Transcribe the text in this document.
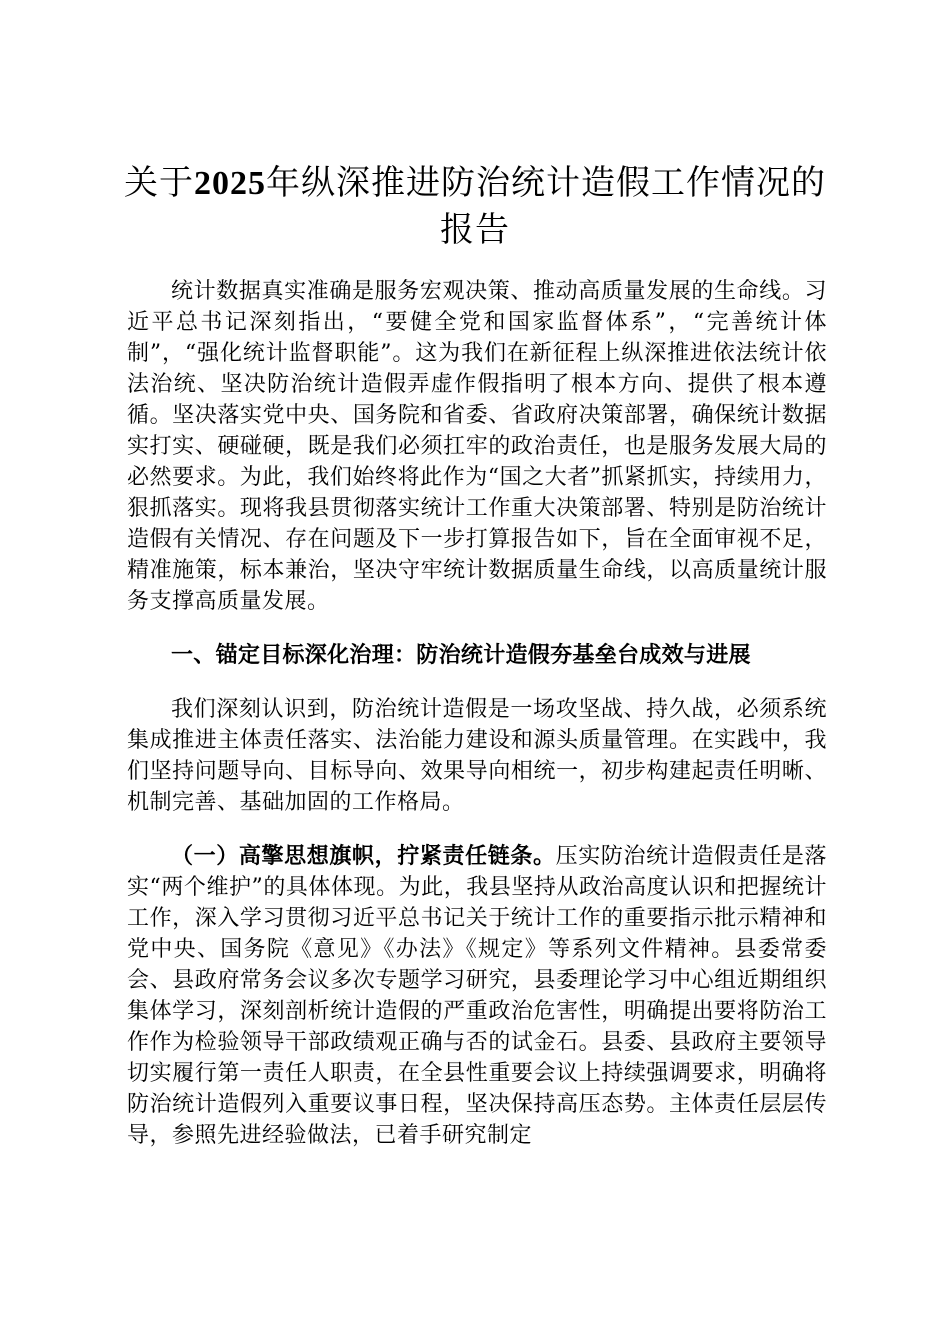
关于2025年纵深推进防治统计造假工作情况的报告

统计数据真实准确是服务宏观决策、推动高质量发展的生命线。习近平总书记深刻指出，“要健全党和国家监督体系”，“完善统计体制”，“强化统计监督职能”。这为我们在新征程上纵深推进依法统计依法治统、坚决防治统计造假弄虚作假指明了根本方向、提供了根本遵循。坚决落实党中央、国务院和省委、省政府决策部署，确保统计数据实打实、硬碰硬，既是我们必须扛牢的政治责任，也是服务发展大局的必然要求。为此，我们始终将此作为“国之大者”抓紧抓实，持续用力，狠抓落实。现将我县贯彻落实统计工作重大决策部署、特别是防治统计造假有关情况、存在问题及下一步打算报告如下，旨在全面审视不足，精准施策，标本兼治，坚决守牢统计数据质量生命线，以高质量统计服务支撑高质量发展。

一、锚定目标深化治理：防治统计造假夯基垒台成效与进展

我们深刻认识到，防治统计造假是一场攻坚战、持久战，必须系统集成推进主体责任落实、法治能力建设和源头质量管理。在实践中，我们坚持问题导向、目标导向、效果导向相统一，初步构建起责任明晰、机制完善、基础加固的工作格局。

（一）高擎思想旗帜，拧紧责任链条。压实防治统计造假责任是落实“两个维护”的具体体现。为此，我县坚持从政治高度认识和把握统计工作，深入学习贯彻习近平总书记关于统计工作的重要指示批示精神和党中央、国务院《意见》《办法》《规定》等系列文件精神。县委常委会、县政府常务会议多次专题学习研究，县委理论学习中心组近期组织集体学习，深刻剖析统计造假的严重政治危害性，明确提出要将防治工作作为检验领导干部政绩观正确与否的试金石。县委、县政府主要领导切实履行第一责任人职责，在全县性重要会议上持续强调要求，明确将防治统计造假列入重要议事日程，坚决保持高压态势。主体责任层层传导，参照先进经验做法，已着手研究制定
